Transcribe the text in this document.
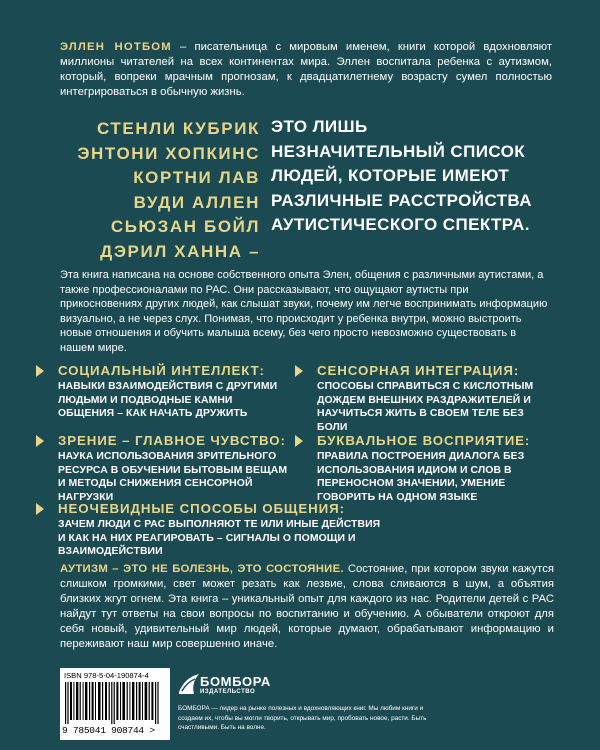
ЭЛЛЕН НОТБОМ – писательница с мировым именем, книги которой вдохновляют миллионы читателей на всех континентах мира. Эллен воспитала ребенка с аутизмом, который, вопреки мрачным прогнозам, к двадцатилетнему возрасту сумел полностью интегрироваться в обычную жизнь.
СТЕНЛИ КУБРИК
ЭНТОНИ ХОПКИНС
КОРТНИ ЛАВ
ВУДИ АЛЛЕН
СЬЮЗАН БОЙЛ
ДЭРИЛ ХАННА –
ЭТО ЛИШЬ
НЕЗНАЧИТЕЛЬНЫЙ СПИСОК
ЛЮДЕЙ, КОТОРЫЕ ИМЕЮТ
РАЗЛИЧНЫЕ РАССТРОЙСТВА
АУТИСТИЧЕСКОГО СПЕКТРА.
Эта книга написана на основе собственного опыта Элен, общения с различными аутистами, а также профессионалами по РАС. Они рассказывают, что ощущают аутисты при прикосновениях других людей, как слышат звуки, почему им легче воспринимать информацию визуально, а не через слух. Понимая, что происходит у ребенка внутри, можно выстроить новые отношения и обучить малыша всему, без чего просто невозможно существовать в нашем мире.
СОЦИАЛЬНЫЙ ИНТЕЛЛЕКТ:
НАВЫКИ ВЗАИМОДЕЙСТВИЯ С ДРУГИМИ ЛЮДЬМИ И ПОДВОДНЫЕ КАМНИ ОБЩЕНИЯ – КАК НАЧАТЬ ДРУЖИТЬ
СЕНСОРНАЯ ИНТЕГРАЦИЯ:
СПОСОБЫ СПРАВИТЬСЯ С КИСЛОТНЫМ ДОЖДЕМ ВНЕШНИХ РАЗДРАЖИТЕЛЕЙ И НАУЧИТЬСЯ ЖИТЬ В СВОЕМ ТЕЛЕ БЕЗ БОЛИ
ЗРЕНИЕ – ГЛАВНОЕ ЧУВСТВО:
НАУКА ИСПОЛЬЗОВАНИЯ ЗРИТЕЛЬНОГО РЕСУРСА В ОБУЧЕНИИ БЫТОВЫМ ВЕЩАМ И МЕТОДЫ СНИЖЕНИЯ СЕНСОРНОЙ НАГРУЗКИ
БУКВАЛЬНОЕ ВОСПРИЯТИЕ:
ПРАВИЛА ПОСТРОЕНИЯ ДИАЛОГА БЕЗ ИСПОЛЬЗОВАНИЯ ИДИОМ И СЛОВ В ПЕРЕНОСНОМ ЗНАЧЕНИИ, УМЕНИЕ ГОВОРИТЬ НА ОДНОМ ЯЗЫКЕ
НЕОЧЕВИДНЫЕ СПОСОБЫ ОБЩЕНИЯ:
ЗАЧЕМ ЛЮДИ С РАС ВЫПОЛНЯЮТ ТЕ ИЛИ ИНЫЕ ДЕЙСТВИЯ И КАК НА НИХ РЕАГИРОВАТЬ – СИГНАЛЫ О ПОМОЩИ И ВЗАИМОДЕЙСТВИИ
АУТИЗМ – ЭТО НЕ БОЛЕЗНЬ, ЭТО СОСТОЯНИЕ. Состояние, при котором звуки кажутся слишком громкими, свет может резать как лезвие, слова сливаются в шум, а объятия близких жгут огнем. Эта книга – уникальный опыт для каждого из нас. Родители детей с РАС найдут тут ответы на свои вопросы по воспитанию и обучению. А обыватели откроют для себя новый, удивительный мир людей, которые думают, обрабатывают информацию и переживают наш мир совершенно иначе.
ISBN 978-5-04-190874-4
9 785041 908744 >
БОМБОРА
ИЗДАТЕЛЬСТВО
БОМБОРА — лидер на рынке полезных и вдохновляющих книг. Мы любим книги и создаем их, чтобы вы могли творить, открывать мир, пробовать новое, расти. Быть счастливыми. Быть на волне.
